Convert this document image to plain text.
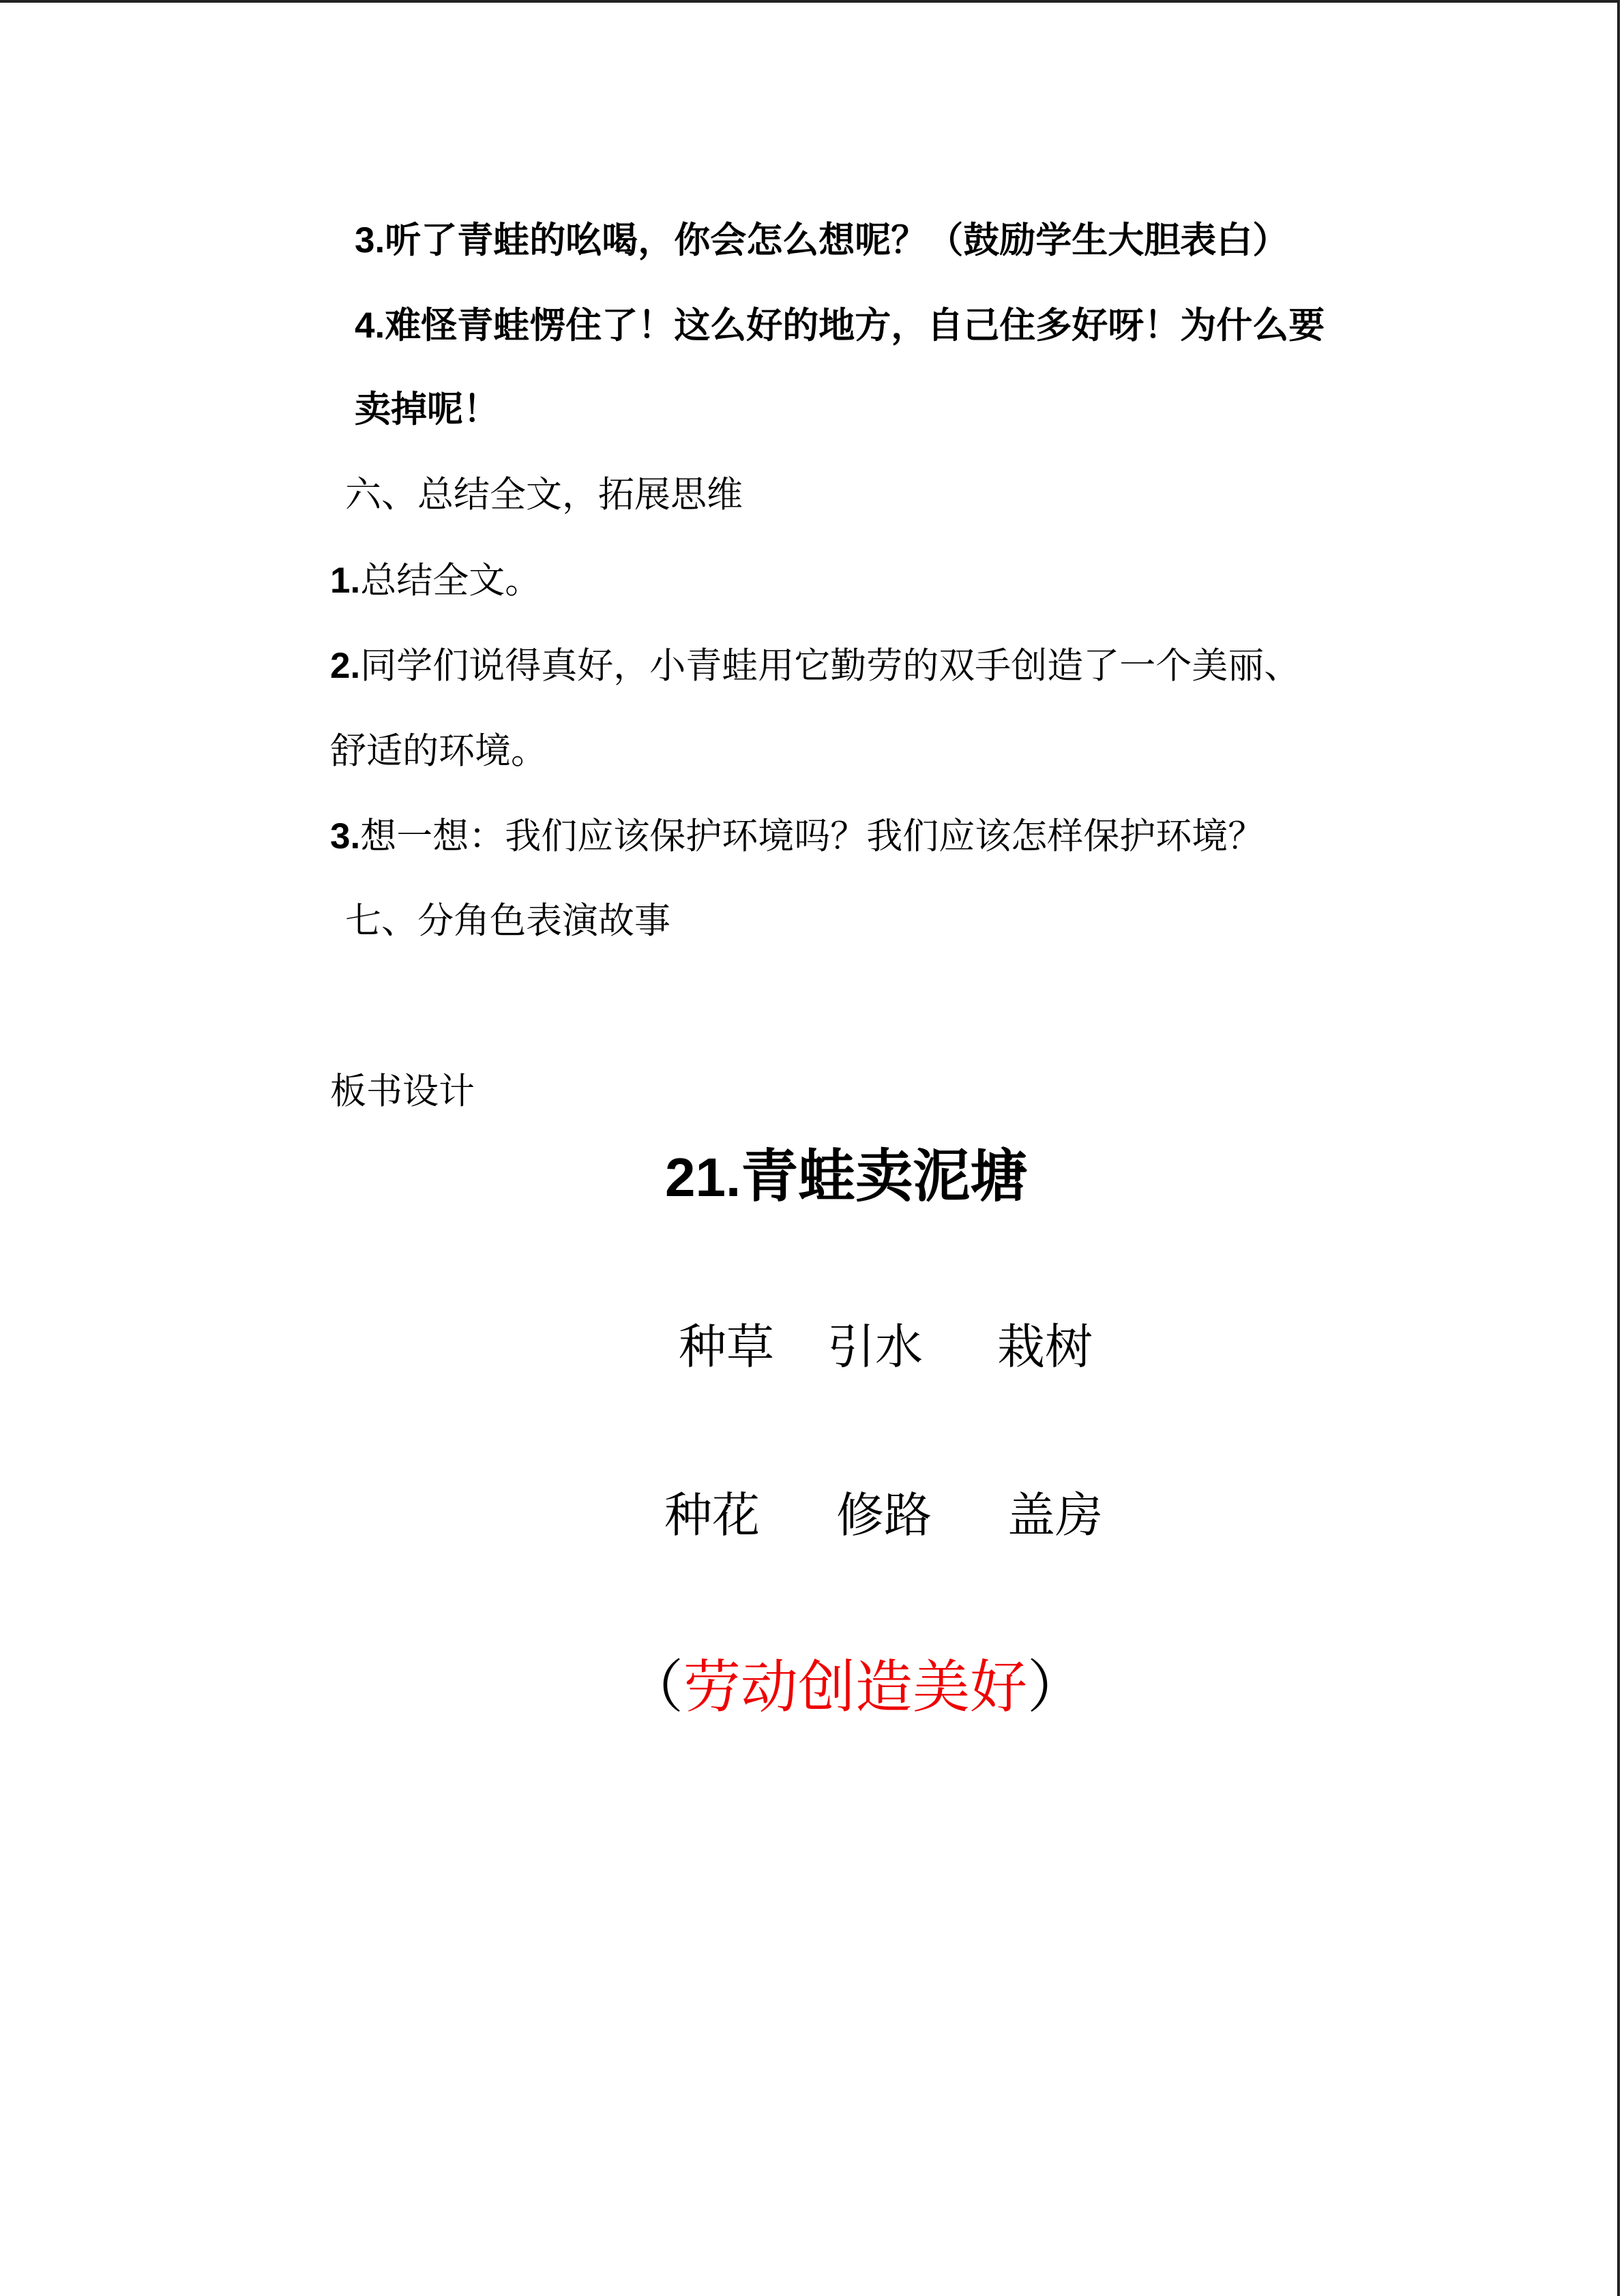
3.听了青蛙的吆喝，你会怎么想呢？（鼓励学生大胆表白）
4.难怪青蛙愣住了！这么好的地方，自己住多好呀！为什么要
卖掉呢！
六、总结全文，拓展思维
1.总结全文。
2.同学们说得真好，小青蛙用它勤劳的双手创造了一个美丽、
舒适的环境。
3.想一想：我们应该保护环境吗？我们应该怎样保护环境？
七、分角色表演故事
板书设计
21.青蛙卖泥塘
种草 引水 栽树
种花 修路 盖房
（劳动创造美好）
